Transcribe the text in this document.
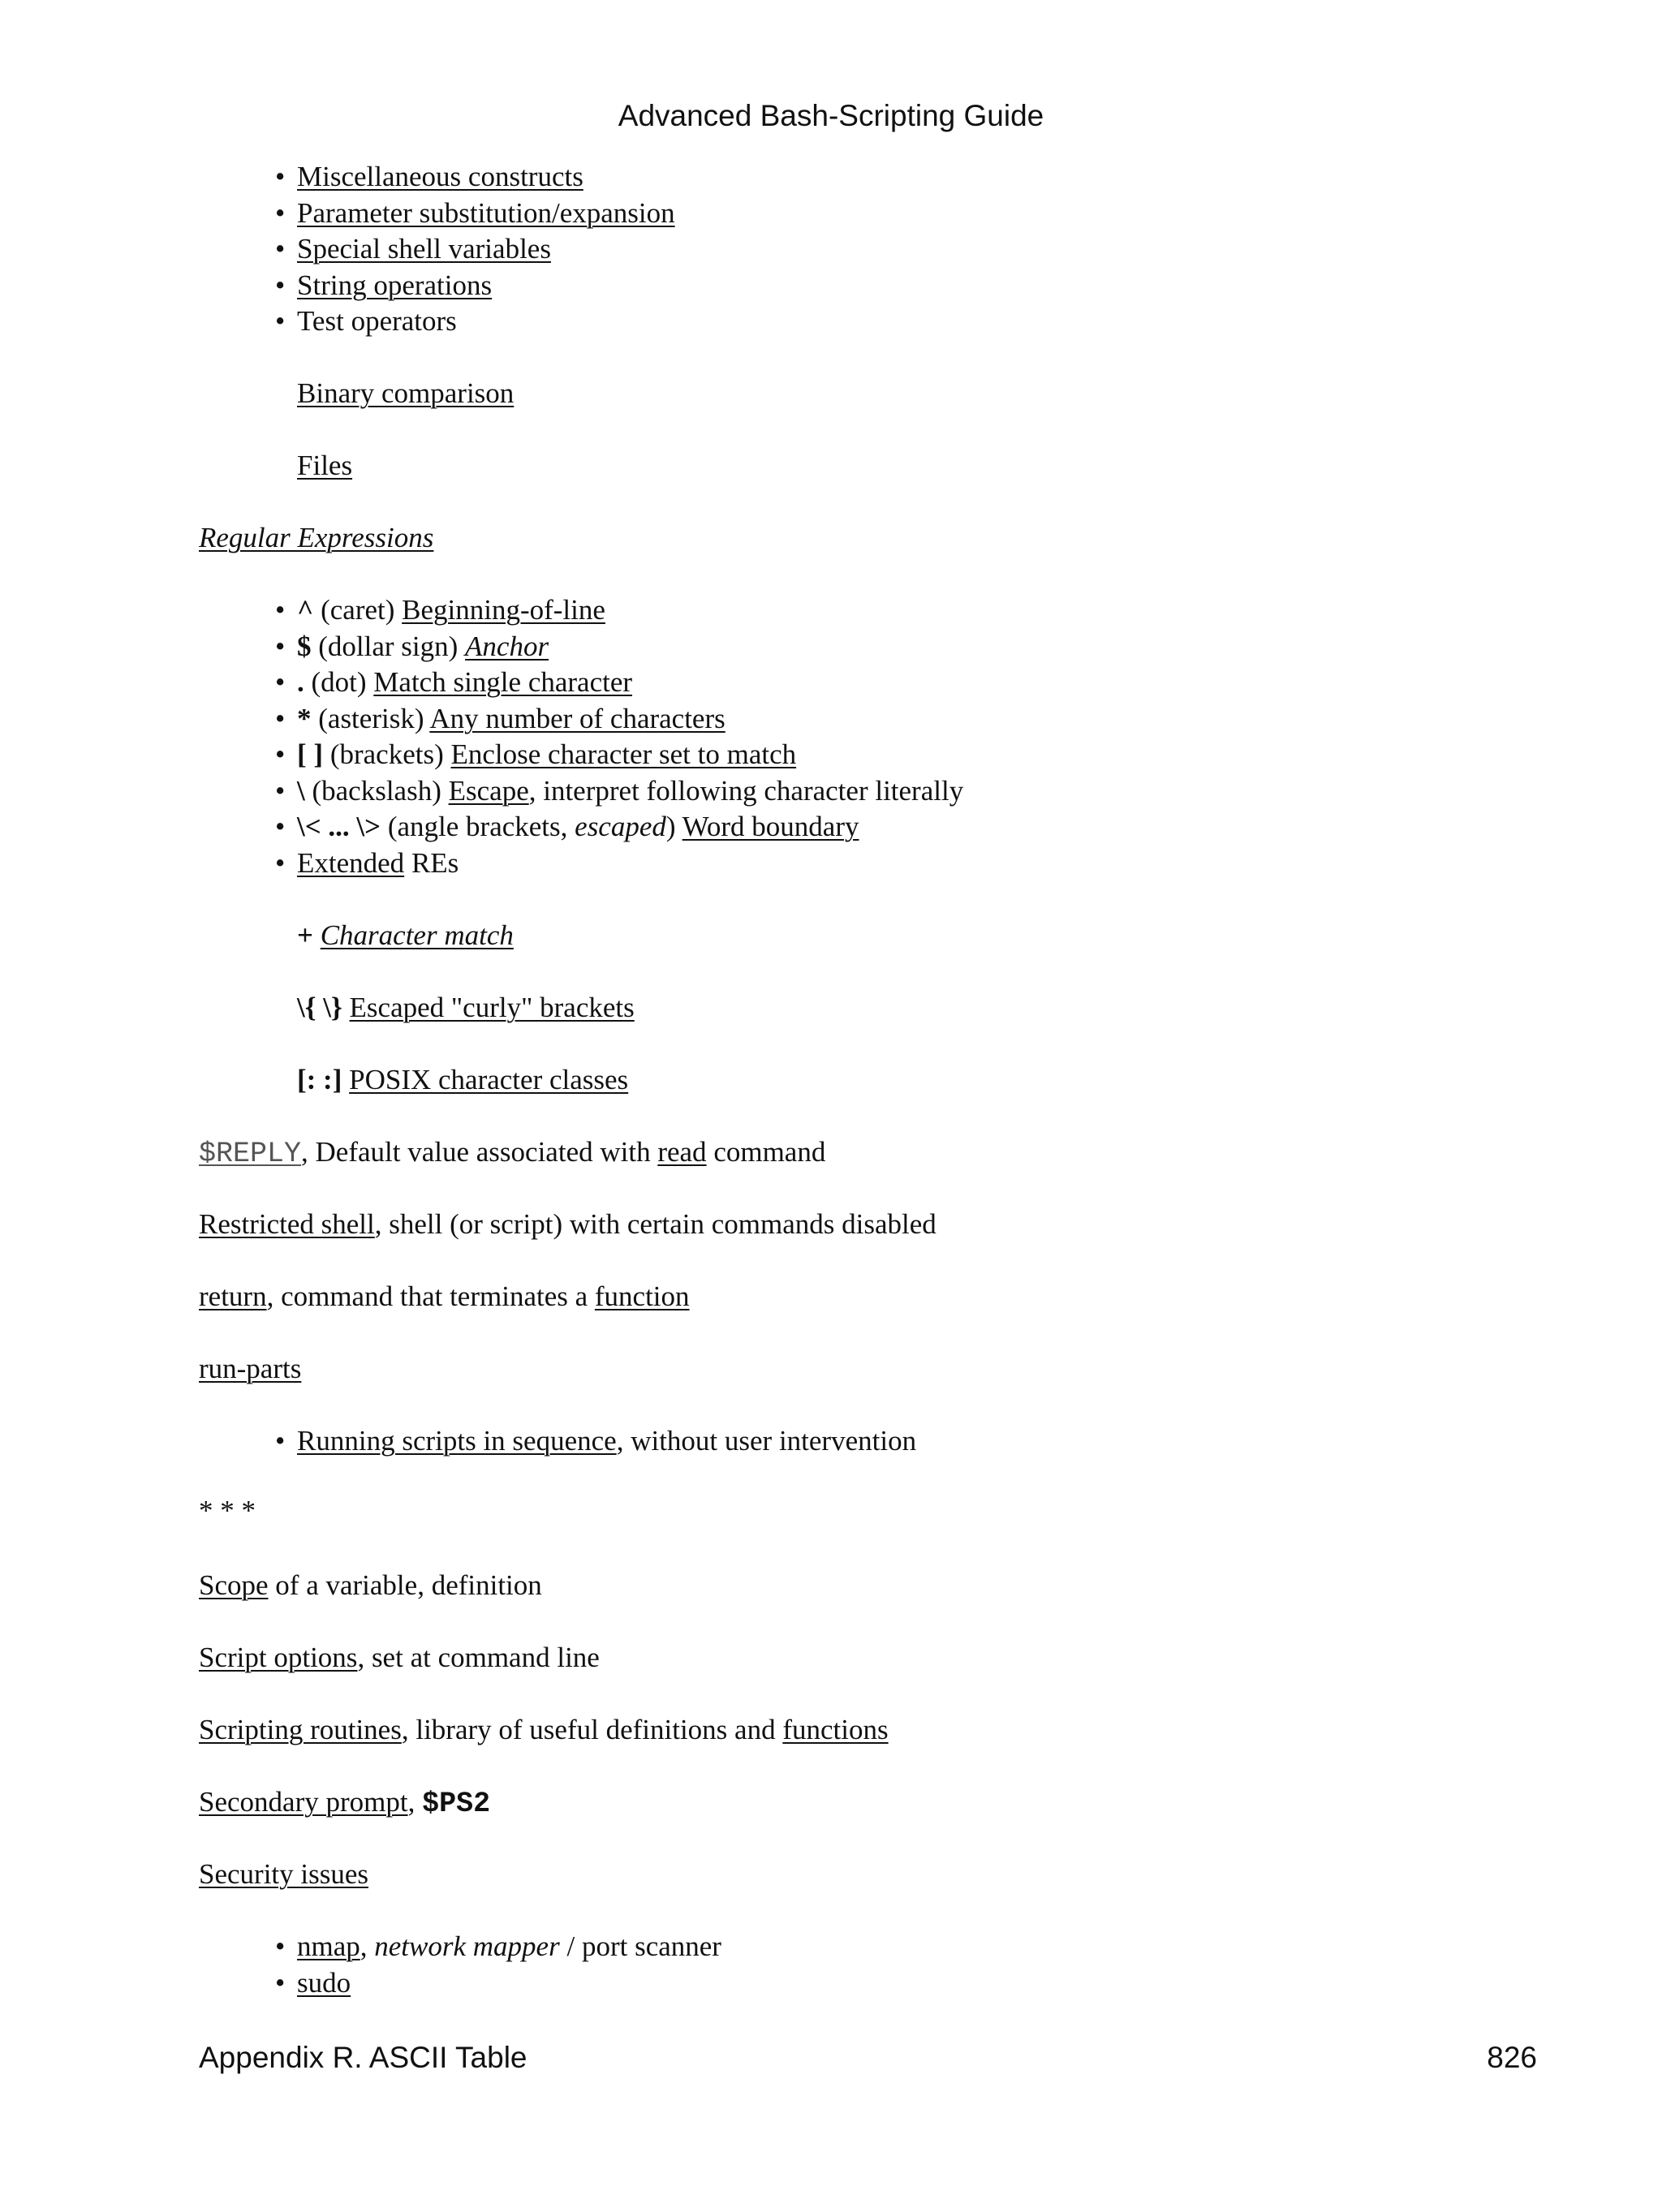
Advanced Bash-Scripting Guide
• Miscellaneous constructs
• Parameter substitution/expansion
• Special shell variables
• String operations
• Test operators
Binary comparison
Files
Regular Expressions
• ^ (caret) Beginning-of-line
• $ (dollar sign) Anchor
• . (dot) Match single character
• * (asterisk) Any number of characters
• [ ] (brackets) Enclose character set to match
• \ (backslash) Escape, interpret following character literally
• \< ... \> (angle brackets, escaped) Word boundary
• Extended REs
+ Character match
\{ \} Escaped "curly" brackets
[: :] POSIX character classes
$REPLY, Default value associated with read command
Restricted shell, shell (or script) with certain commands disabled
return, command that terminates a function
run-parts
• Running scripts in sequence, without user intervention
* * *
Scope of a variable, definition
Script options, set at command line
Scripting routines, library of useful definitions and functions
Secondary prompt, $PS2
Security issues
• nmap, network mapper / port scanner
• sudo
Appendix R. ASCII Table	826
